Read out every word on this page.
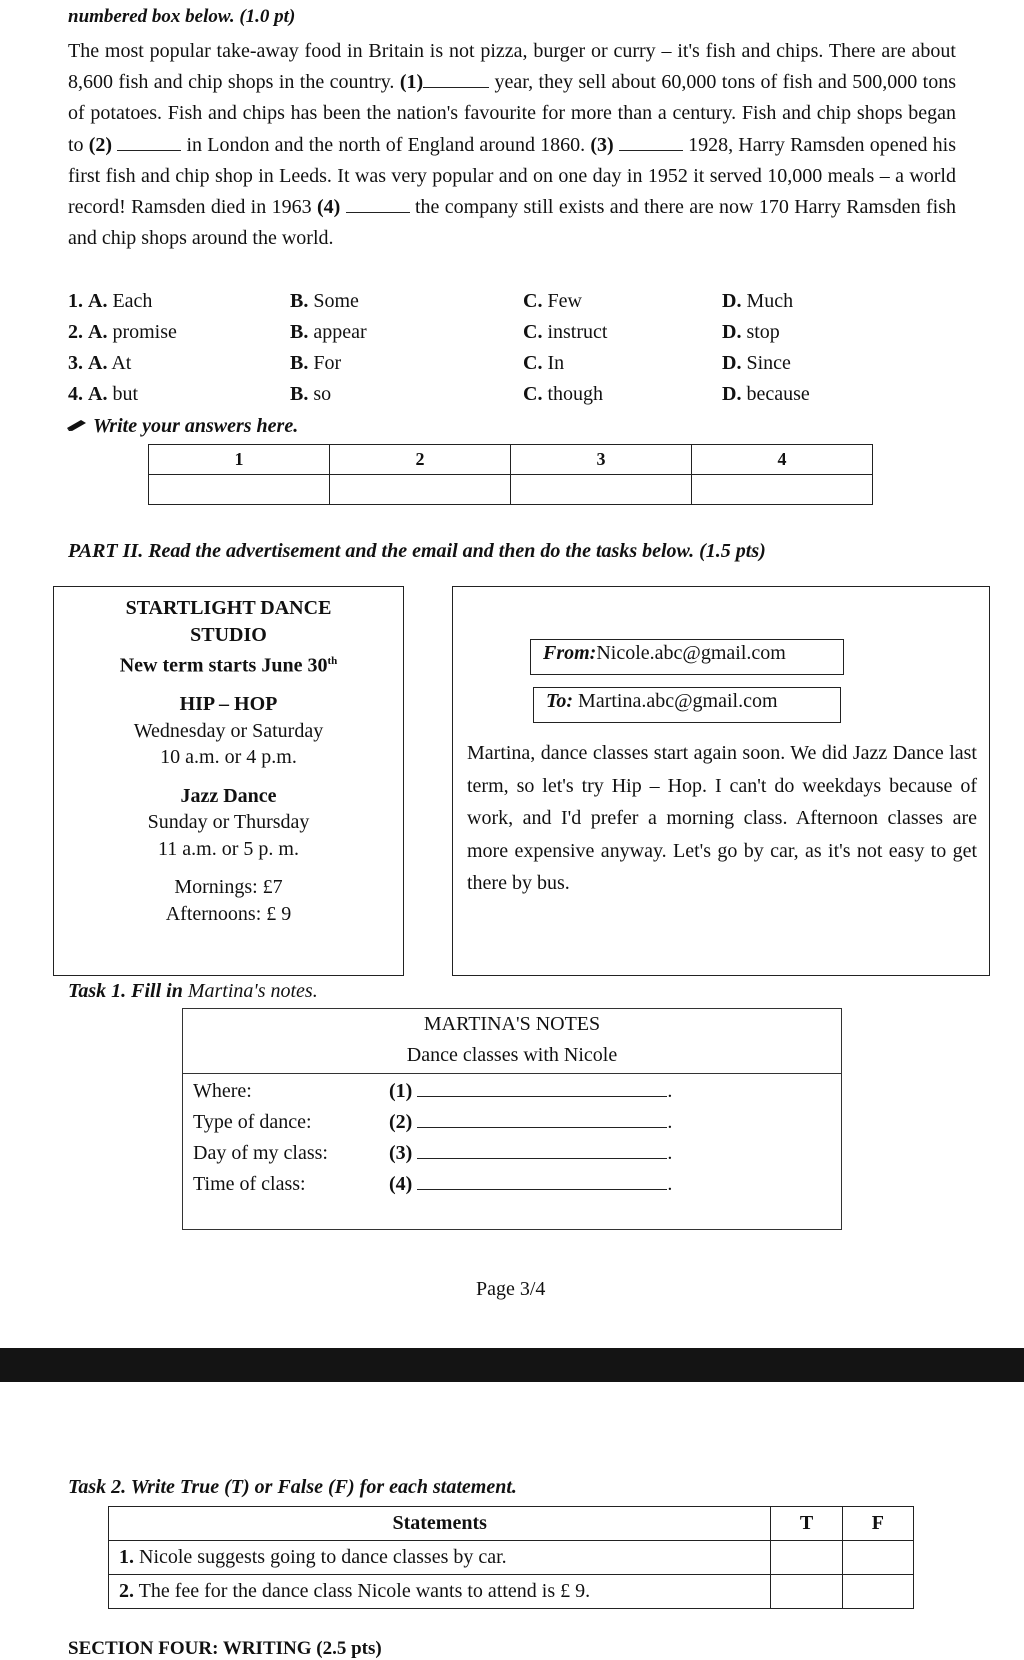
numbered box below. (1.0 pt)

The most popular take-away food in Britain is not pizza, burger or curry – it's fish and chips. There are about 8,600 fish and chip shops in the country. (1)	year, they sell about 60,000 tons of fish and 500,000 tons of potatoes. Fish and chips has been the nation's favourite for more than a century. Fish and chip shops began to (2)	in London and the north of England around 1860. (3)	1928, Harry Ramsden opened his first fish and chip shop in Leeds. It was very popular and on one day in 1952 it served 10,000 meals – a world record! Ramsden died in 1963 (4)	the company still exists and there are now 170 Harry Ramsden fish and chip shops around the world.

1. A. Each	B. Some	C. Few	D. Much
2. A. promise	B. appear	C. instruct	D. stop
3. A. At	B. For	C. In	D. Since
4. A. but	B. so	C. though	D. because
Write your answers here.
1	2	3	4

PART II. Read the advertisement and the email and then do the tasks below. (1.5 pts)
STARTLIGHT DANCE
STUDIO
New term starts June 30th
HIP – HOP
Wednesday or Saturday
10 a.m. or 4 p.m.
Jazz Dance
Sunday or Thursday
11 a.m. or 5 p. m.
Mornings: £7
Afternoons: £ 9
From:Nicole.abc@gmail.com
To: Martina.abc@gmail.com
Martina, dance classes start again soon. We did Jazz Dance last term, so let's try Hip – Hop. I can't do weekdays because of work, and I'd prefer a morning class. Afternoon classes are more expensive anyway. Let's go by car, as it's not easy to get there by bus.
Task 1. Fill in Martina's notes.
MARTINA'S NOTES
Dance classes with Nicole
Where:	(1)	.
Type of dance:	(2)	.
Day of my class:	(3)	.
Time of class:	(4)	.
Page 3/4
Task 2. Write True (T) or False (F) for each statement.
Statements	T	F
1. Nicole suggests going to dance classes by car.		
2. The fee for the dance class Nicole wants to attend is £ 9.		
SECTION FOUR: WRITING (2.5 pts)
